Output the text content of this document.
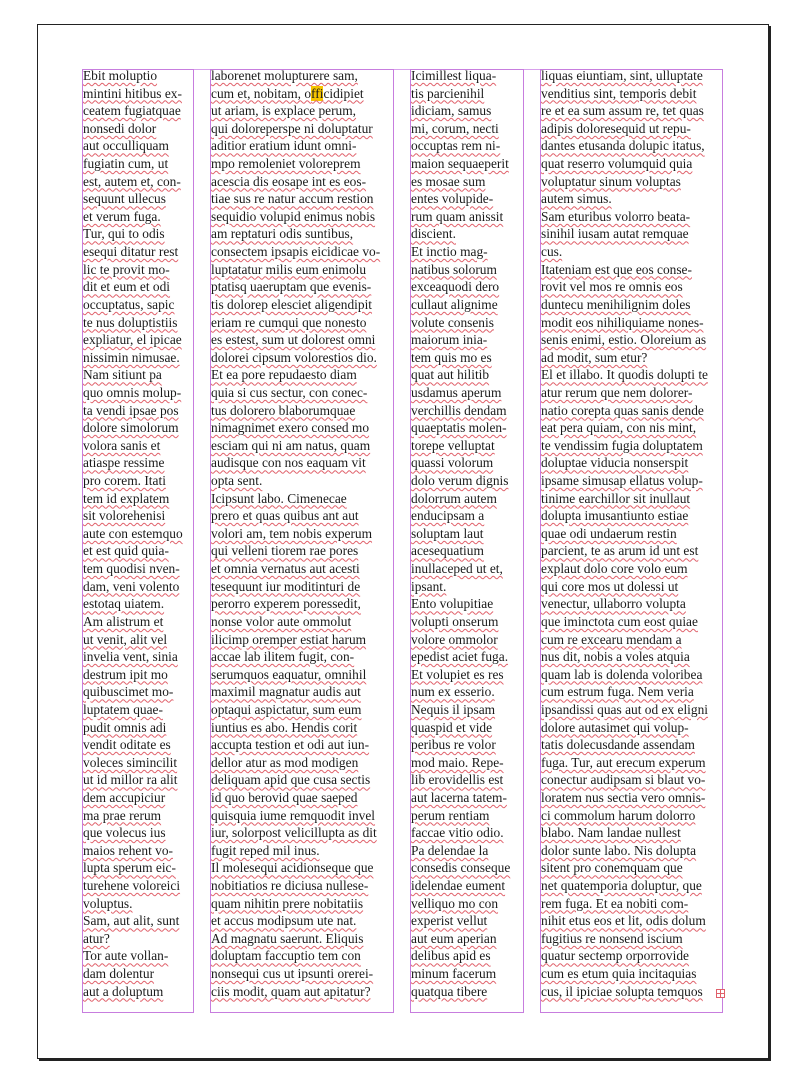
Ebit moluptio
mintini hitibus ex-
ceatem fugiatquae
nonsedi dolor
aut occulliquam
fugiatin cum, ut
est, autem et, con-
sequunt ullecus
et verum fuga.
Tur, qui to odis
esequi ditatur rest
lic te provit mo-
dit et eum et odi
occuptatus, sapic
te nus doluptistiis
expliatur, el ipicae
nissimin nimusae.
Nam sitiunt pa
quo omnis molup-
ta vendi ipsae pos
dolore simolorum
volora sanis et
atiaspe ressime
pro corem. Itati
tem id explatem
sit volorehenisi
aute con estemquo
et est quid quia-
tem quodisi nven-
dam, veni volento
estotaq uiatem.
Am alistrum et
ut venit, alit vel
invelia vent, sinia
destrum ipit mo
quibuscimet mo-
luptatem quae-
pudit omnis adi
vendit oditate es
voleces simincilit
ut id millor ra alit
dem accupiciur
ma prae rerum
que volecus ius
maios rehent vo-
lupta sperum eic-
turehene voloreici
voluptus.
Sam, aut alit, sunt
atur?
Tor aute vollan-
dam dolentur
aut a doluptum
laborenet molupturere sam,
cum et, nobitam, officidipiet
ut ariam, is explace perum,
qui doloreperspe ni doluptatur
aditior eratium idunt omni-
mpo remoleniet voloreprem
acescia dis eosape int es eos-
tiae sus re natur accum restion
sequidio volupid enimus nobis
am reptaturi odis suntibus,
consectem ipsapis eicidicae vo-
luptatatur milis eum enimolu
ptatisq uaeruptam que evenis-
tis dolorep elesciet aligendipit
eriam re cumqui que nonesto
es estest, sum ut dolorest omni
dolorei cipsum volorestios dio.
Et ea pore repudaesto diam
quia si cus sectur, con conec-
tus dolorero blaborumquae
nimagnimet exero consed mo
esciam qui ni am natus, quam
audisque con nos eaquam vit
opta sent.
Icipsunt labo. Cimenecae
prero et quas quibus ant aut
volori am, tem nobis experum
qui velleni tiorem rae pores
et omnia vernatus aut acesti
tesequunt iur moditinturi de
perorro experem poressedit,
nonse volor aute ommolut
ilicimp oremper estiat harum
accae lab ilitem fugit, con-
serumquos eaquatur, omnihil
maximil magnatur audis aut
optaqui aspictatur, sum eum
iuntius es abo. Hendis corit
accupta testion et odi aut iun-
dellor atur as mod modigen
deliquam apid que cusa sectis
id quo berovid quae saeped
quisquia iume remquodit invel
iur, solorpost velicillupta as dit
fugit reped mil inus.
Il molesequi acidionseque que
nobitiatios re diciusa nullese-
quam nihitin prere nobitatiis
et accus modipsum ute nat.
Ad magnatu saerunt. Eliquis
doluptam faccuptio tem con
nonsequi cus ut ipsunti orerei-
ciis modit, quam aut apitatur?
Icimillest liqua-
tis parcienihil
idiciam, samus
mi, corum, necti
occuptas rem ni-
maion sequaeperit
es mosae sum
entes volupide-
rum quam anissit
discient.
Et inctio mag-
natibus solorum
exceaquodi dero
cullaut alignime
volute consenis
maiorum inia-
tem quis mo es
quat aut hilitib
usdamus aperum
verchillis dendam
quaeptatis molen-
torepe velluptat
quassi volorum
dolo verum dignis
dolorrum autem
enducipsam a
soluptam laut
acesequatium
inullaceped ut et,
ipsant.
Ento volupitiae
volupti onserum
volore ommolor
epedist aciet fuga.
Et volupiet es res
num ex esserio.
Nequis il ipsam
quaspid et vide
peribus re volor
mod maio. Repe-
lib erovidellis est
aut lacerna tatem-
perum rentiam
faccae vitio odio.
Pa delendae la
consedis conseque
idelendae eument
velliquo mo con
experist vellut
aut eum aperian
delibus apid es
minum facerum
quatqua tibere
liquas eiuntiam, sint, ulluptate
venditius sint, temporis debit
re et ea sum assum re, tet quas
adipis doloresequid ut repu-
dantes etusanda dolupic itatus,
quat reserro volumquid quia
voluptatur sinum voluptas
autem simus.
Sam eturibus volorro beata-
sinihil iusam autat remquae
cus.
Itateniam est que eos conse-
rovit vel mos re omnis eos
duntecu menihilignim doles
modit eos nihiliquiame nones-
senis enimi, estio. Oloreium as
ad modit, sum etur?
El et illabo. It quodis dolupti te
atur rerum que nem dolorer-
natio corepta quas sanis dende
eat pera quiam, con nis mint,
te vendissim fugia doluptatem
doluptae viducia nonserspit
ipsame simusap ellatus volup-
tinime earchillor sit inullaut
dolupta imusantiunto estiae
quae odi undaerum restin
parcient, te as arum id unt est
explaut dolo core volo eum
qui core mos ut dolessi ut
venectur, ullaborro volupta
que iminctota cum eost quiae
cum re excearu mendam a
nus dit, nobis a voles atquia
quam lab is dolenda voloribea
cum estrum fuga. Nem veria
ipsandissi quas aut od ex eligni
dolore autasimet qui volup-
tatis dolecusdande assendam
fuga. Tur, aut erecum experum
conectur audipsam si blaut vo-
loratem nus sectia vero omnis-
ci commolum harum dolorro
blabo. Nam landae nullest
dolor sunte labo. Nis dolupta
sitent pro conemquam que
net quatemporia doluptur, que
rem fuga. Et ea nobiti com-
nihit etus eos et lit, odis dolum
fugitius re nonsend iscium
quatur sectemp orporrovide
cum es etum quia incitaquias
cus, il ipiciae solupta temquos
